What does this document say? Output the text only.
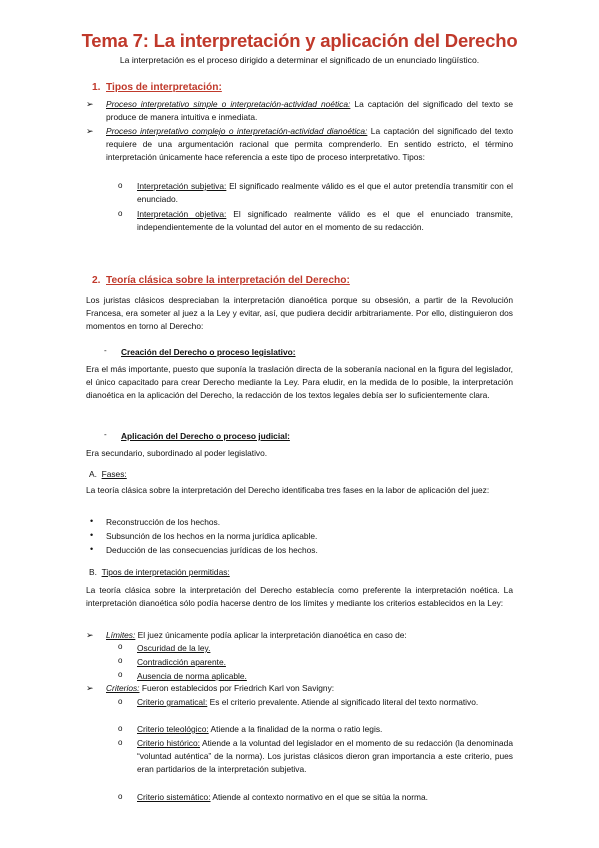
Tema 7: La interpretación y aplicación del Derecho
La interpretación es el proceso dirigido a determinar el significado de un enunciado lingüístico.
1. Tipos de interpretación:
➢ Proceso interpretativo simple o interpretación-actividad noética: La captación del significado del texto se produce de manera intuitiva e inmediata.
➢ Proceso interpretativo complejo o interpretación-actividad dianoética: La captación del significado del texto requiere de una argumentación racional que permita comprenderlo. En sentido estricto, el término interpretación únicamente hace referencia a este tipo de proceso interpretativo. Tipos:
o Interpretación subjetiva: El significado realmente válido es el que el autor pretendía transmitir con el enunciado.
o Interpretación objetiva: El significado realmente válido es el que el enunciado transmite, independientemente de la voluntad del autor en el momento de su redacción.
2. Teoría clásica sobre la interpretación del Derecho:
Los juristas clásicos despreciaban la interpretación dianoética porque su obsesión, a partir de la Revolución Francesa, era someter al juez a la Ley y evitar, así, que pudiera decidir arbitrariamente. Por ello, distinguieron dos momentos en torno al Derecho:
- Creación del Derecho o proceso legislativo:
Era el más importante, puesto que suponía la traslación directa de la soberanía nacional en la figura del legislador, el único capacitado para crear Derecho mediante la Ley. Para eludir, en la medida de lo posible, la interpretación dianoética en la aplicación del Derecho, la redacción de los textos legales debía ser lo suficientemente clara.
- Aplicación del Derecho o proceso judicial:
Era secundario, subordinado al poder legislativo.
A. Fases:
La teoría clásica sobre la interpretación del Derecho identificaba tres fases en la labor de aplicación del juez:
• Reconstrucción de los hechos.
• Subsunción de los hechos en la norma jurídica aplicable.
• Deducción de las consecuencias jurídicas de los hechos.
B. Tipos de interpretación permitidas:
La teoría clásica sobre la interpretación del Derecho establecía como preferente la interpretación noética. La interpretación dianoética sólo podía hacerse dentro de los límites y mediante los criterios establecidos en la Ley:
➢ Límites: El juez únicamente podía aplicar la interpretación dianoética en caso de:
o Oscuridad de la ley.
o Contradicción aparente.
o Ausencia de norma aplicable.
➢ Criterios: Fueron establecidos por Friedrich Karl von Savigny:
o Criterio gramatical: Es el criterio prevalente. Atiende al significado literal del texto normativo.
o Criterio teleológico: Atiende a la finalidad de la norma o ratio legis.
o Criterio histórico: Atiende a la voluntad del legislador en el momento de su redacción (la denominada “voluntad auténtica” de la norma). Los juristas clásicos dieron gran importancia a este criterio, pues eran partidarios de la interpretación subjetiva.
o Criterio sistemático: Atiende al contexto normativo en el que se sitúa la norma.
